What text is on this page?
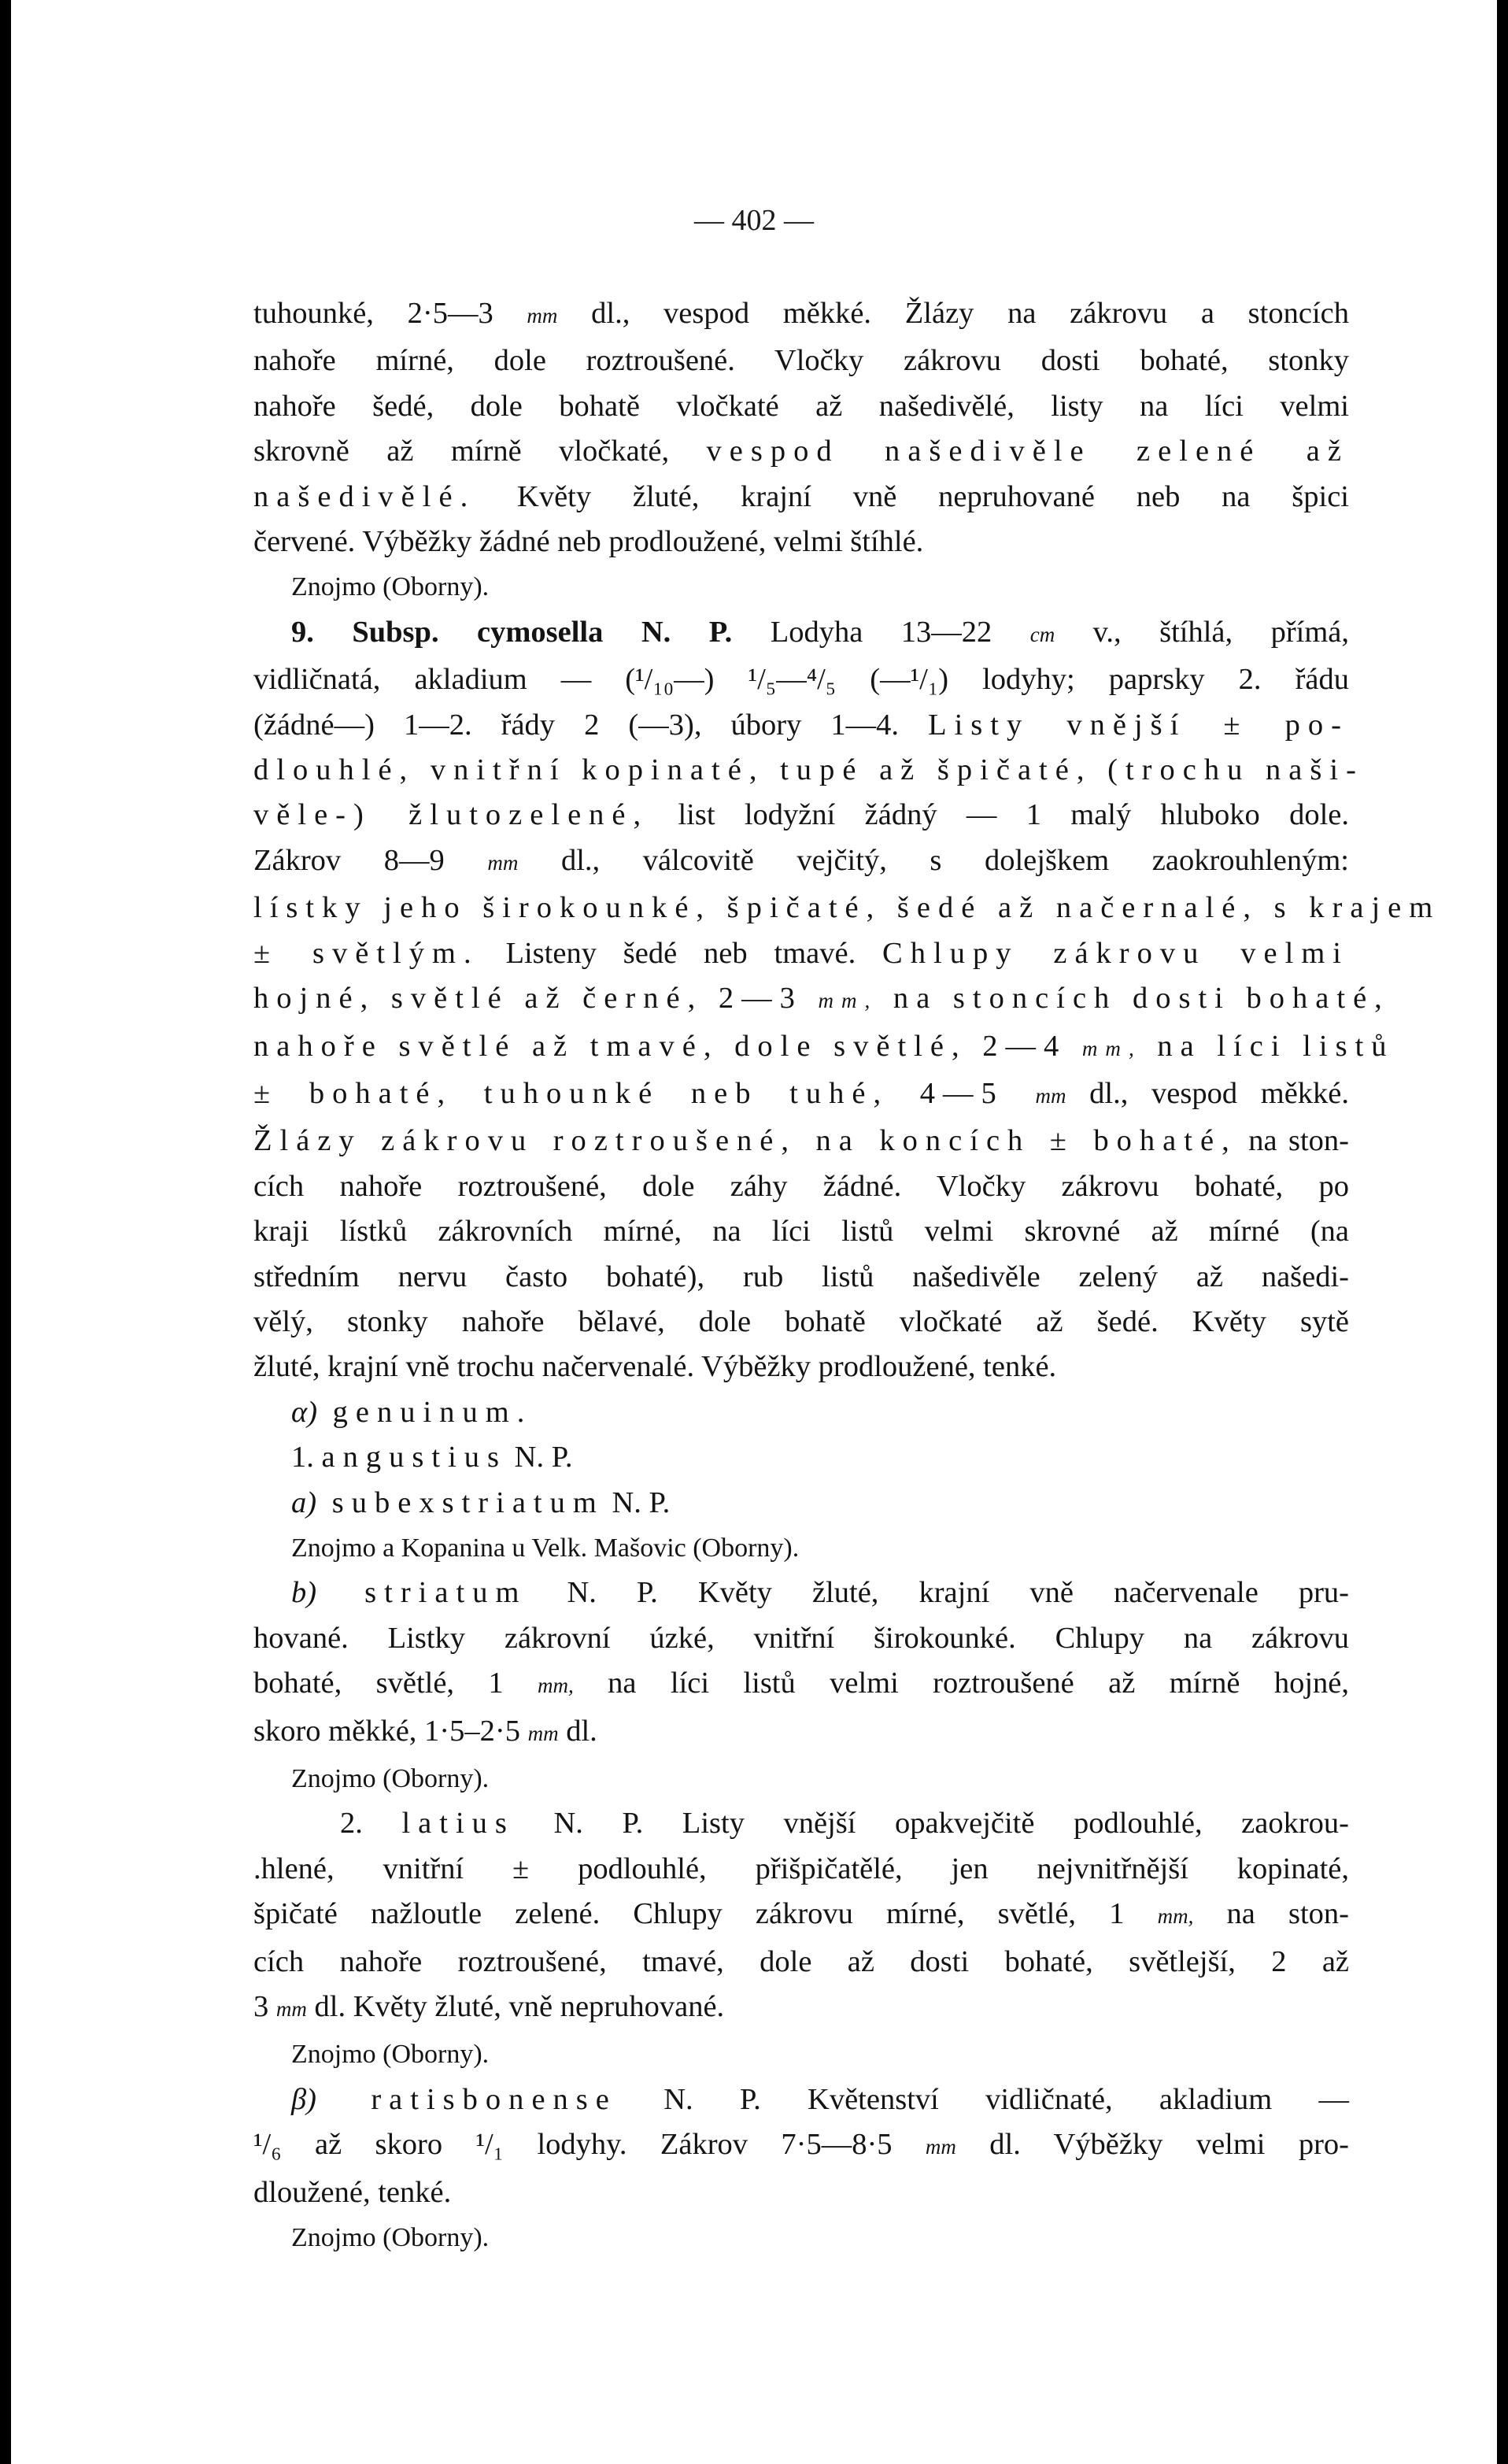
— 402 —

tuhounké, 2·5—3 mm dl., vespod měkké. Žlázy na zákrovu a stoncích

nahoře mírné, dole roztroušené. Vločky zákrovu dosti bohaté, stonky

nahoře šedé, dole bohatě vločkaté až našedivělé, listy na líci velmi

skrovně až mírně vločkaté, vespod našedivěle zelené až

našedivělé. Květy žluté, krajní vně nepruhované neb na špici

červené. Výběžky žádné neb prodloužené, velmi štíhlé.

Znojmo (Oborny).

9. Subsp. cymosella N. P. Lodyha 13—22 cm v., štíhlá, přímá,

vidličnatá, akladium — (¹/₁₀—) ¹/₅—⁴/₅ (—¹/₁) lodyhy; paprsky 2. řádu

(žádné—) 1—2. řády 2 (—3), úbory 1—4. Listy vnější ± po-

dlouhlé, vnitřní kopinaté, tupé až špičaté, (trochu naši-

věle-) žlutozelené, list lodyžní žádný — 1 malý hluboko dole.

Zákrov 8—9 mm dl., válcovitě vejčitý, s dolejškem zaokrouhleným:

lístky jeho širokounké, špičaté, šedé až načernalé, s krajem

± světlým. Listeny šedé neb tmavé. Chlupy zákrovu velmi

hojné, světlé až černé, 2—3 mm, na stoncích dosti bohaté,

nahoře světlé až tmavé, dole světlé, 2—4 mm, na líci listů

± bohaté, tuhounké neb tuhé, 4—5 mm dl., vespod měkké.

Žlázy zákrovu roztroušené, na koncích ± bohaté, na ston-

cích nahoře roztroušené, dole záhy žádné. Vločky zákrovu bohaté, po

kraji lístků zákrovních mírné, na líci listů velmi skrovné až mírné (na

středním nervu často bohaté), rub listů našedivěle zelený až našedi-

vělý, stonky nahoře bělavé, dole bohatě vločkaté až šedé. Květy sytě

žluté, krajní vně trochu načervenalé. Výběžky prodloužené, tenké.

α) genuinum.

1. angustius N. P.

a) subexstriatum N. P.

Znojmo a Kopanina u Velk. Mašovic (Oborny).

b) striatum N. P. Květy žluté, krajní vně načervenale pru-

hované. Listky zákrovní úzké, vnitřní širokounké. Chlupy na zákrovu

bohaté, světlé, 1 mm, na líci listů velmi roztroušené až mírně hojné,

skoro měkké, 1·5–2·5 mm dl.

Znojmo (Oborny).

2. latius N. P. Listy vnější opakvejčitě podlouhlé, zaokrou-

.hlené, vnitřní ± podlouhlé, přišpičatělé, jen nejvnitřnější kopinaté,

špičaté nažloutle zelené. Chlupy zákrovu mírné, světlé, 1 mm, na ston-

cích nahoře roztroušené, tmavé, dole až dosti bohaté, světlejší, 2 až

3 mm dl. Květy žluté, vně nepruhované.

Znojmo (Oborny).

β) ratisbonense N. P. Květenství vidličnaté, akladium —

¹/₆ až skoro ¹/₁ lodyhy. Zákrov 7·5—8·5 mm dl. Výběžky velmi pro-

dloužené, tenké.

Znojmo (Oborny).
